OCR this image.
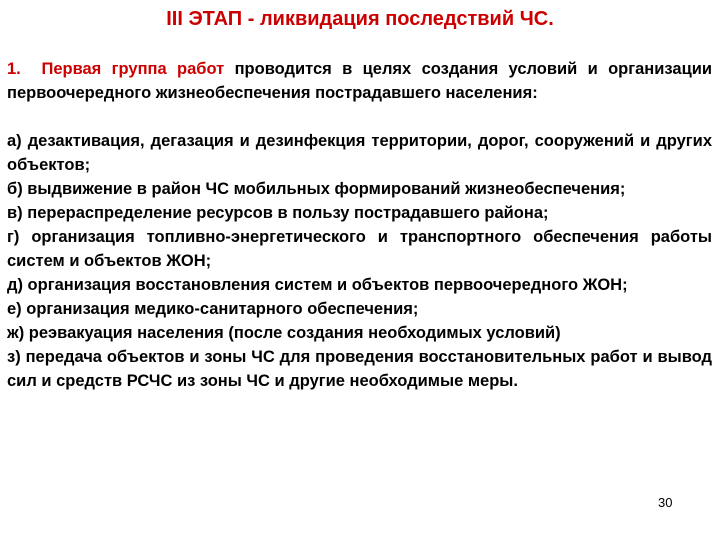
III ЭТАП - ликвидация последствий ЧС.

1. Первая группа работ проводится в целях создания условий и организации первоочередного жизнеобеспечения пострадавшего населения:

а) дезактивация, дегазация и дезинфекция территории, дорог, сооружений и других объектов;

б) выдвижение в район ЧС мобильных формирований жизнеобеспечения;

в) перераспределение ресурсов в пользу пострадавшего района;

г) организация топливно-энергетического и транспортного обеспечения работы систем и объектов ЖОН;

д) организация восстановления систем и объектов первоочередного ЖОН;

е) организация медико-санитарного обеспечения;

ж) реэвакуация населения (после создания необходимых условий)

з) передача объектов и зоны ЧС для проведения восстановительных работ и вывод сил и средств РСЧС из зоны ЧС и другие необходимые меры.

30
